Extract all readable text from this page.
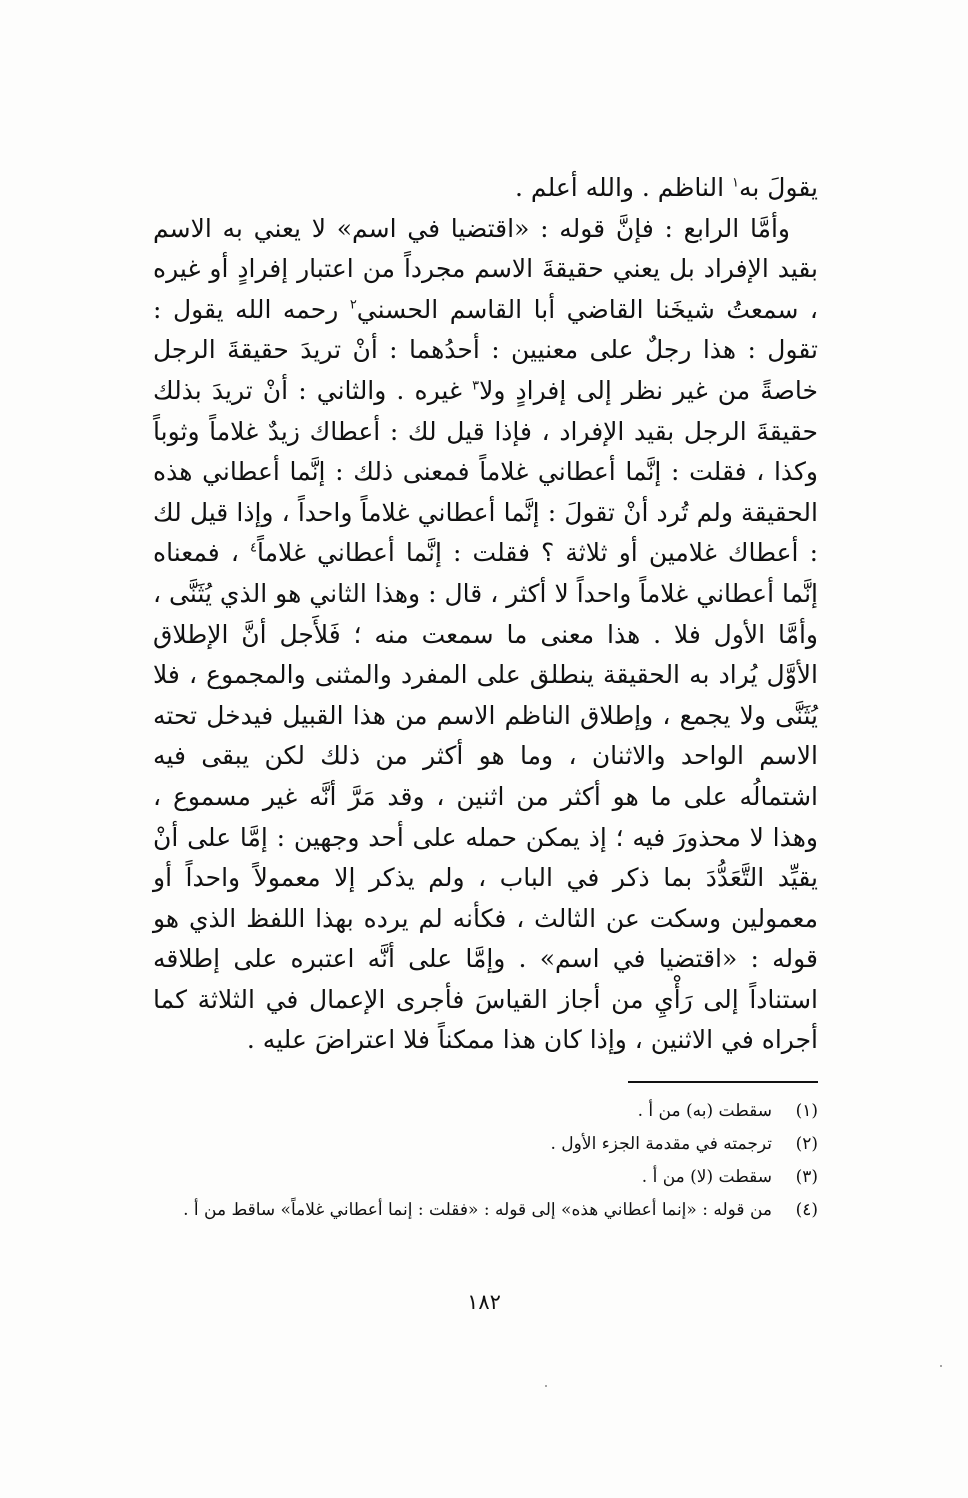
يقولَ به$^١$ الناظم . والله أعلم .

وأمَّا الرابع : فإنَّ قوله : «اقتضيا في اسم» لا يعني به الاسم بقيد الإفراد بل يعني حقيقةَ الاسم مجرداً من اعتبار إفرادٍ أو غيره ، سمعتُ شيخَنا القاضي أبا القاسم الحسني$^٢$ رحمه الله يقول : تقول : هذا رجلٌ على معنيين : أحدُهما : أنْ تريدَ حقيقةَ الرجل خاصةً من غير نظر إلى إفرادٍ ولا$^٣$ غيره . والثاني : أنْ تريدَ بذلك حقيقةَ الرجل بقيد الإفراد ، فإذا قيل لك : أعطاك زيدٌ غلاماً وثوباً وكذا ، فقلت : إنَّما أعطاني غلاماً فمعنى ذلك : إنَّما أعطاني هذه الحقيقة ولم تُرد أنْ تقولَ : إنَّما أعطاني غلاماً واحداً ، وإذا قيل لك : أعطاك غلامين أو ثلاثة ؟ فقلت : إنَّما أعطاني غلاماً$^٤$ ، فمعناه إنَّما أعطاني غلاماً واحداً لا أكثر ، قال : وهذا الثاني هو الذي يُثَنَّى ، وأمَّا الأول فلا . هذا معنى ما سمعت منه ؛ فَلأَجل أنَّ الإطلاق الأوَّل يُراد به الحقيقة ينطلق على المفرد والمثنى والمجموع ، فلا يُثَنَّى ولا يجمع ، وإطلاق الناظم الاسم من هذا القبيل فيدخل تحته الاسم الواحد والاثنان ، وما هو أكثر من ذلك لكن يبقى فيه اشتمالُه على ما هو أكثر من اثنين ، وقد مَرَّ أنَّه غير مسموع ، وهذا لا محذورَ فيه ؛ إذ يمكن حمله على أحد وجهين : إمَّا على أنْ يقيِّد التَّعَدُّدَ بما ذكر في الباب ، ولم يذكر إلا معمولاً واحداً أو معمولين وسكت عن الثالث ، فكأنه لم يرده بهذا اللفظ الذي هو قوله : «اقتضيا في اسم» . وإمَّا على أنَّه اعتبره على إطلاقه استناداً إلى رَأْيِ من أجاز القياسَ فأجرى الإعمال في الثلاثة كما أجراه في الاثنين ، وإذا كان هذا ممكناً فلا اعتراضَ عليه .

(١)
سقطت (به) من أ .
(٢)
ترجمته في مقدمة الجزء الأول .
(٣)
سقطت (لا) من أ .
(٤)
من قوله : «إنما أعطاني هذه» إلى قوله : «فقلت : إنما أعطاني غلاماً» ساقط من أ .
١٨٢
